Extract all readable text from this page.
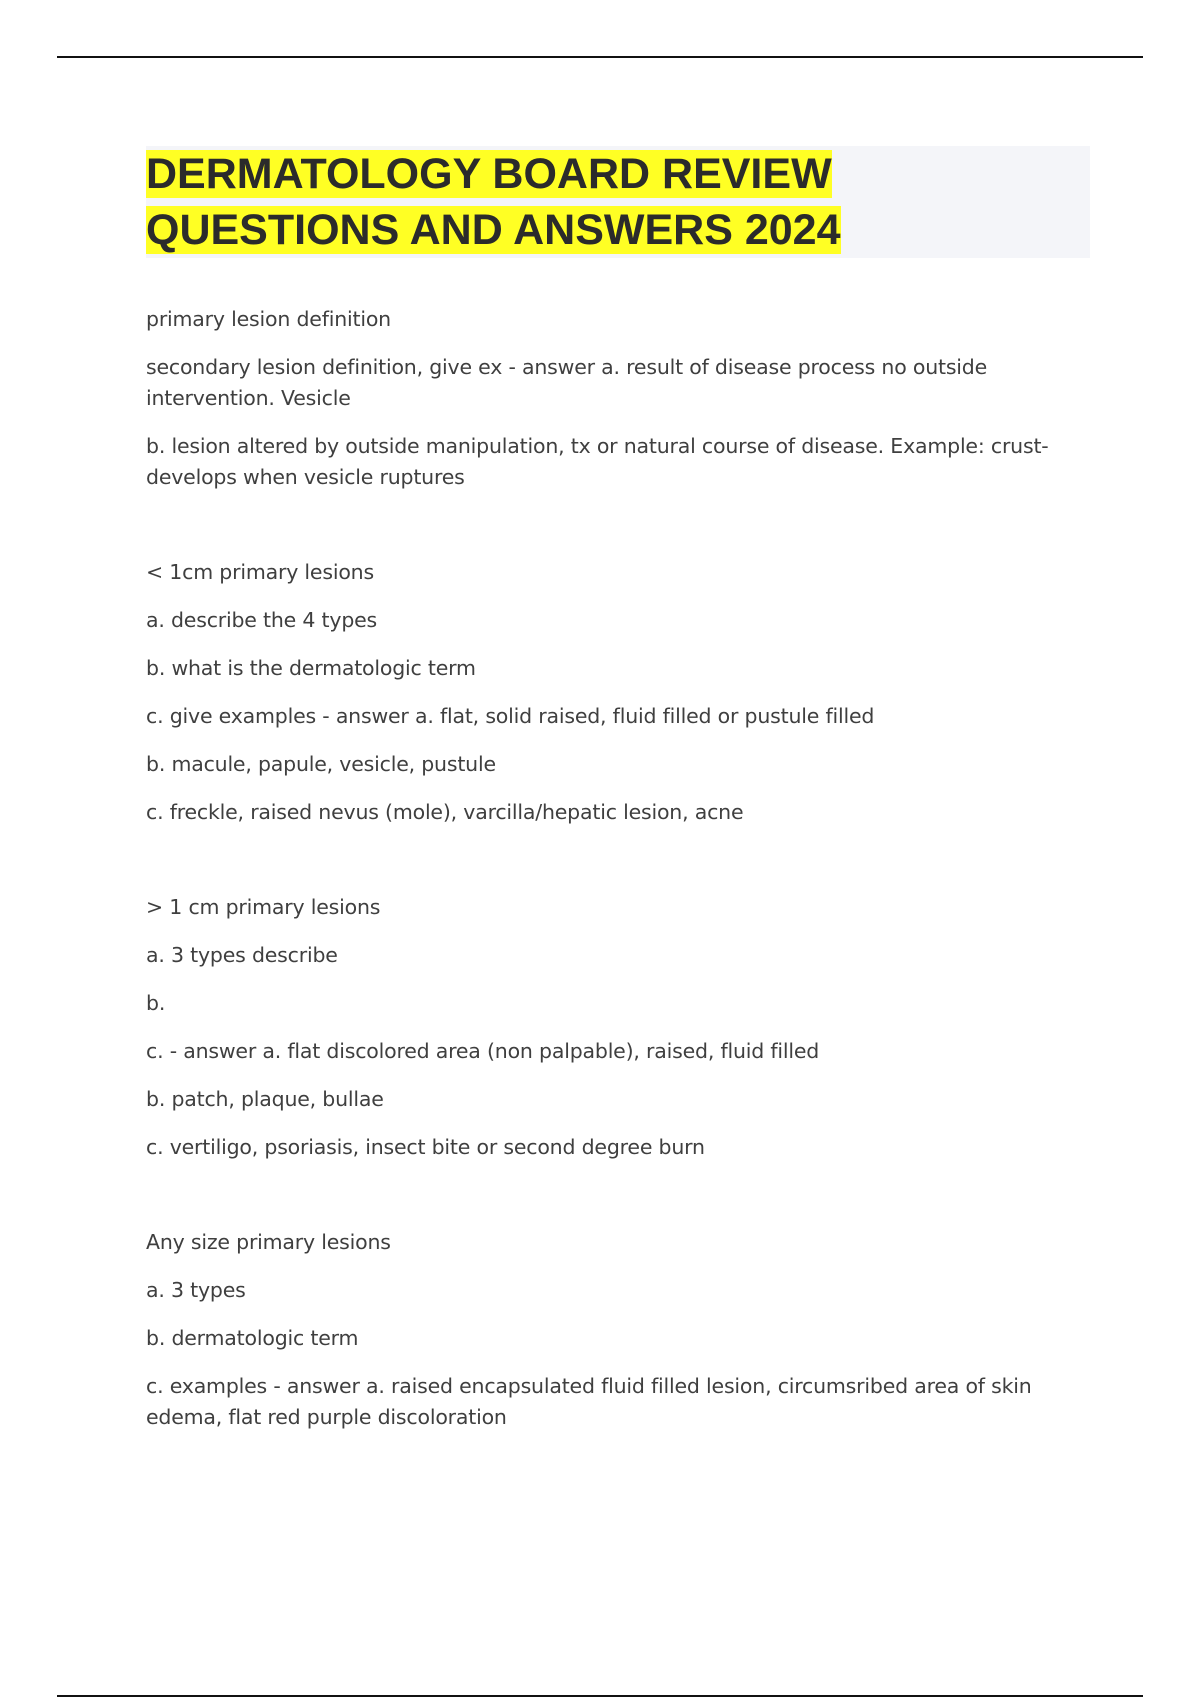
DERMATOLOGY BOARD REVIEW
QUESTIONS AND ANSWERS 2024

primary lesion definition

secondary lesion definition, give ex - answer a. result of disease process no outside intervention. Vesicle

b. lesion altered by outside manipulation, tx or natural course of disease. Example: crust- develops when vesicle ruptures

< 1cm primary lesions

a. describe the 4 types

b. what is the dermatologic term

c. give examples - answer a. flat, solid raised, fluid filled or pustule filled

b. macule, papule, vesicle, pustule

c. freckle, raised nevus (mole), varcilla/hepatic lesion, acne

> 1 cm primary lesions

a. 3 types describe

b.

c. - answer a. flat discolored area (non palpable), raised, fluid filled

b. patch, plaque, bullae

c. vertiligo, psoriasis, insect bite or second degree burn

Any size primary lesions

a. 3 types

b. dermatologic term

c. examples - answer a. raised encapsulated fluid filled lesion, circumsribed area of skin edema, flat red purple discoloration
